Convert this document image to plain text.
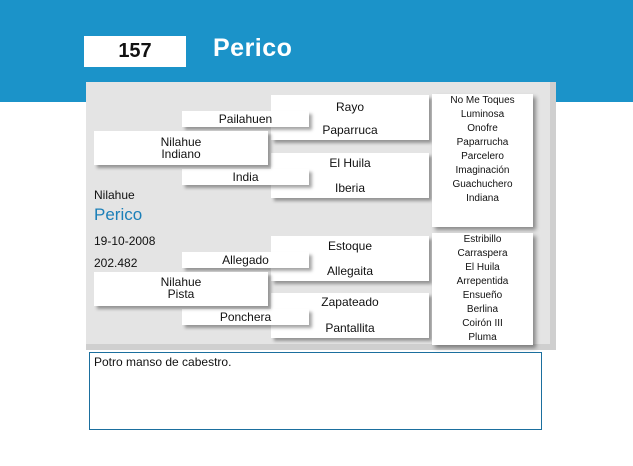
157	Perico
Rayo
Paparruca
El Huila
Iberia
Estoque
Allegaita
Zapateado
Pantallita
Pailahuen
India
Allegado
Ponchera
Nilahue
Indiano
Nilahue
Pista
No Me Toques
Luminosa
Onofre
Paparrucha
Parcelero
Imaginación
Guachuchero
Indiana
Estribillo
Carraspera
El Huila
Arrepentida
Ensueño
Berlina
Coirón III
Pluma
Nilahue
Perico
19-10-2008
202.482
Potro manso de cabestro.
